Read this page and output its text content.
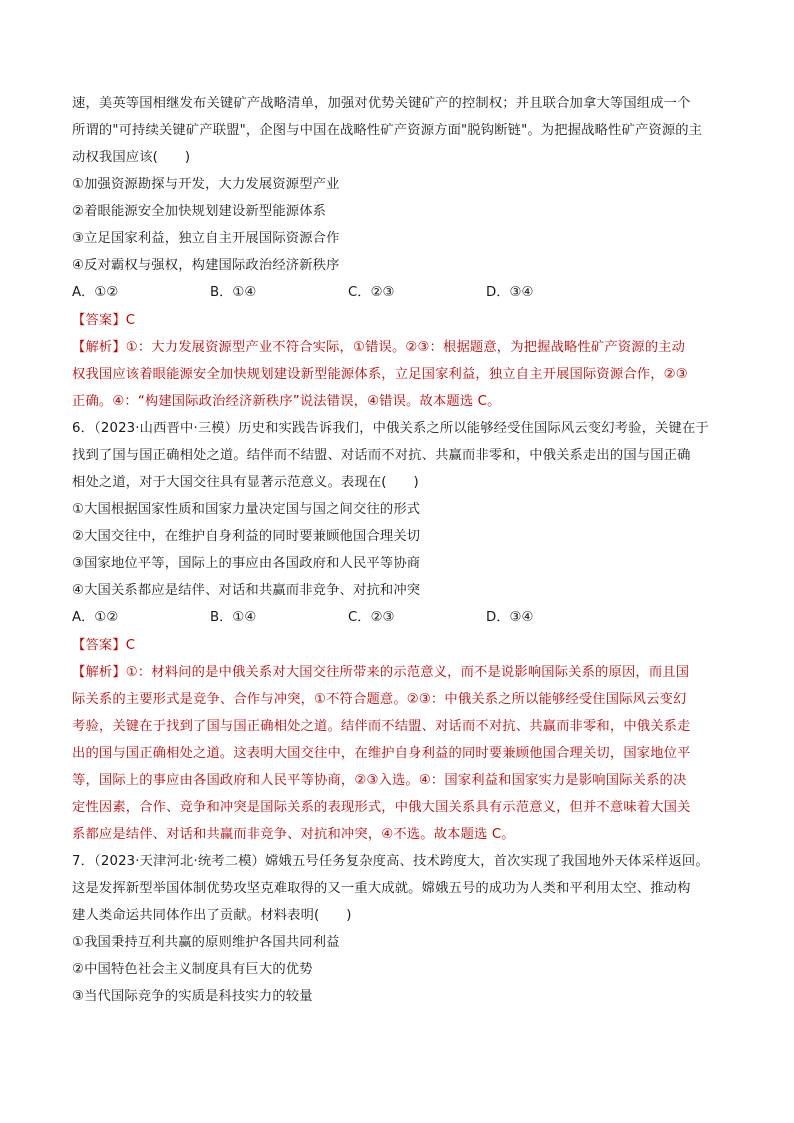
速，美英等国相继发布关键矿产战略清单，加强对优势关键矿产的控制权；并且联合加拿大等国组成一个
所谓的"可持续关键矿产联盟"，企图与中国在战略性矿产资源方面"脱钩断链"。为把握战略性矿产资源的主
动权我国应该(　　)
①加强资源勘探与开发，大力发展资源型产业
②着眼能源安全加快规划建设新型能源体系
③立足国家利益，独立自主开展国际资源合作
④反对霸权与强权，构建国际政治经济新秩序
A．①②	B．①④	C．②③	D．③④
【答案】C
【解析】①：大力发展资源型产业不符合实际，①错误。②③：根据题意，为把握战略性矿产资源的主动
权我国应该着眼能源安全加快规划建设新型能源体系，立足国家利益，独立自主开展国际资源合作，②③
正确。④：“构建国际政治经济新秩序”说法错误，④错误。故本题选 C。
6．（2023·山西晋中·三模）历史和实践告诉我们，中俄关系之所以能够经受住国际风云变幻考验，关键在于
找到了国与国正确相处之道。结伴而不结盟、对话而不对抗、共赢而非零和，中俄关系走出的国与国正确
相处之道，对于大国交往具有显著示范意义。表现在(　　)
①大国根据国家性质和国家力量决定国与国之间交往的形式
②大国交往中，在维护自身利益的同时要兼顾他国合理关切
③国家地位平等，国际上的事应由各国政府和人民平等协商
④大国关系都应是结伴、对话和共赢而非竞争、对抗和冲突
A．①②	B．①④	C．②③	D．③④
【答案】C
【解析】①：材料问的是中俄关系对大国交往所带来的示范意义，而不是说影响国际关系的原因，而且国
际关系的主要形式是竞争、合作与冲突，①不符合题意。②③：中俄关系之所以能够经受住国际风云变幻
考验，关键在于找到了国与国正确相处之道。结伴而不结盟、对话而不对抗、共赢而非零和，中俄关系走
出的国与国正确相处之道。这表明大国交往中，在维护自身利益的同时要兼顾他国合理关切，国家地位平
等，国际上的事应由各国政府和人民平等协商，②③入选。④：国家利益和国家实力是影响国际关系的决
定性因素，合作、竞争和冲突是国际关系的表现形式，中俄大国关系具有示范意义，但并不意味着大国关
系都应是结伴、对话和共赢而非竞争、对抗和冲突，④不选。故本题选 C。
7．（2023·天津河北·统考二模）嫦娥五号任务复杂度高、技术跨度大，首次实现了我国地外天体采样返回。
这是发挥新型举国体制优势攻坚克难取得的又一重大成就。嫦娥五号的成功为人类和平利用太空、推动构
建人类命运共同体作出了贡献。材料表明(　　)
①我国秉持互利共赢的原则维护各国共同利益
②中国特色社会主义制度具有巨大的优势
③当代国际竞争的实质是科技实力的较量
